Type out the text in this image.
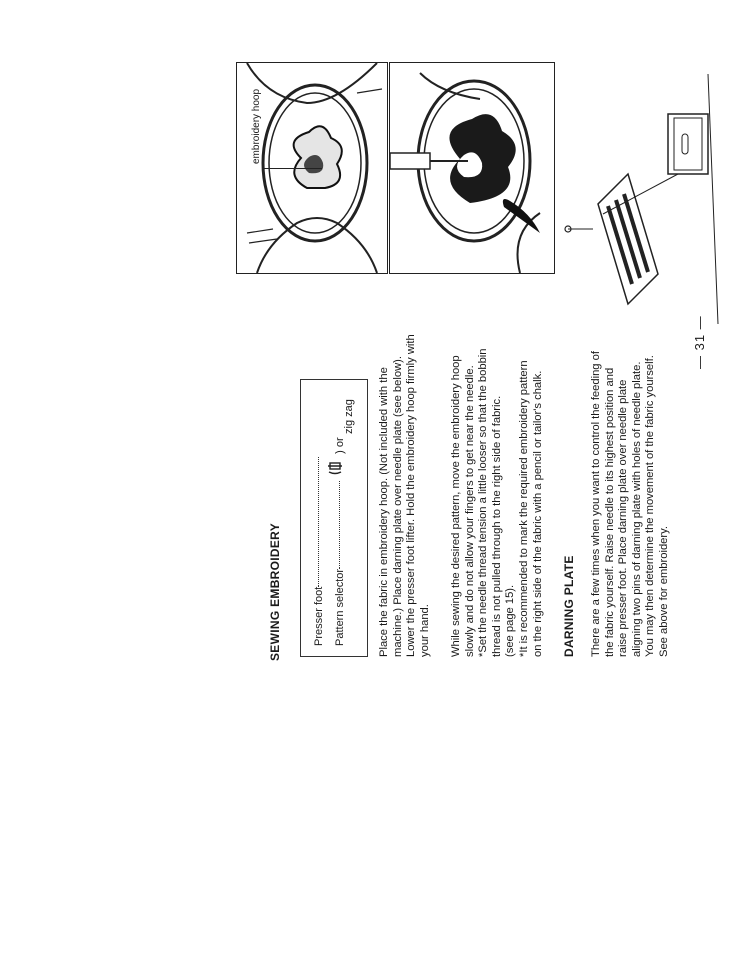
SEWING EMBROIDERY	Presser foot Pattern selector ) or
zig zag Place the fabric in embroidery hoop. (Not included with the machine.) Place darning plate over needle plate (see below). Lower the presser foot lifter. Hold the embroidery hoop firmly with your hand. While sewing the desired pattern, move the embroidery hoop slowly and do not allow your fingers to get near the needle. *Set the needle thread tension a little looser so that the bobbin thread is not pulled through to the right side of fabric. (see page 15). *It is recommended to mark the required embroidery pattern on the right side of the fabric with a pencil or tailor's chalk. DARNING PLATE There are a few times when you want to control the feeding of the fabric yourself. Raise needle to its highest position and raise presser foot. Place darning plate over needle plate aligning two pins of darning plate with holes of needle plate. You may then determine the movement of the fabric yourself. See above for embroidery.

— 31 —
embroidery hoop
